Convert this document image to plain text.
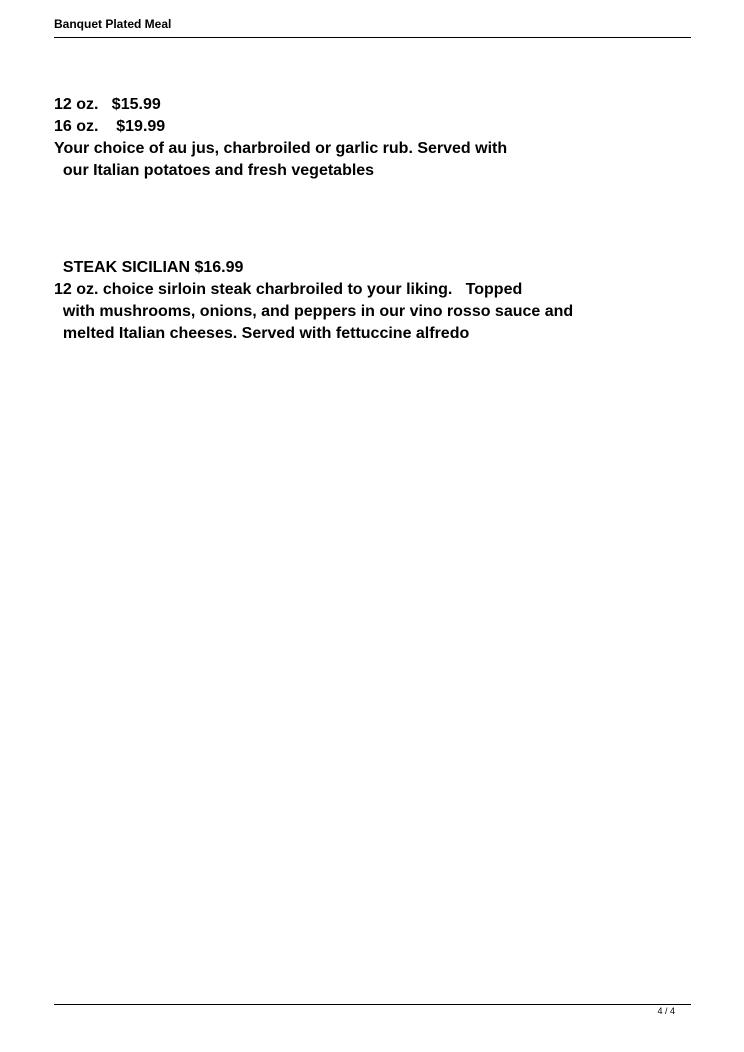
Banquet Plated Meal
12 oz.   $15.99
16 oz.    $19.99
Your choice of au jus, charbroiled or garlic rub. Served with
our Italian potatoes and fresh vegetables
STEAK SICILIAN $16.99
12 oz. choice sirloin steak charbroiled to your liking.   Topped
with mushrooms, onions, and peppers in our vino rosso sauce and
melted Italian cheeses. Served with fettuccine alfredo
4 / 4
